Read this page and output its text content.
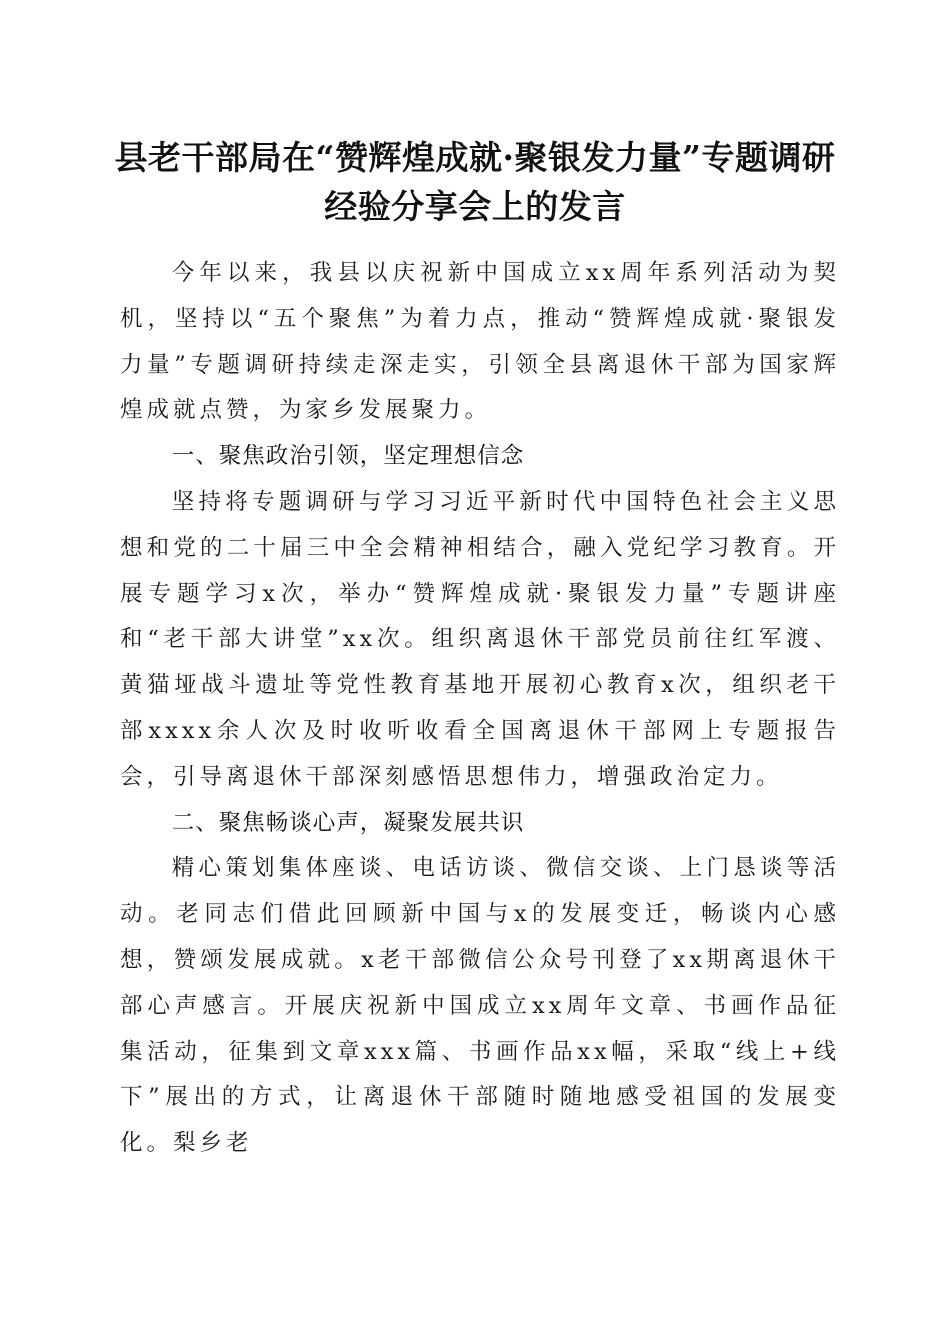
县老干部局在“赞辉煌成就·聚银发力量”专题调研经验分享会上的发言

今年以来，我县以庆祝新中国成立xx周年系列活动为契机，坚持以“五个聚焦”为着力点，推动“赞辉煌成就·聚银发力量”专题调研持续走深走实，引领全县离退休干部为国家辉煌成就点赞，为家乡发展聚力。

一、聚焦政治引领，坚定理想信念

坚持将专题调研与学习习近平新时代中国特色社会主义思想和党的二十届三中全会精神相结合，融入党纪学习教育。开展专题学习x次，举办“赞辉煌成就·聚银发力量”专题讲座和“老干部大讲堂”xx次。组织离退休干部党员前往红军渡、黄猫垭战斗遗址等党性教育基地开展初心教育x次，组织老干部xxxx余人次及时收听收看全国离退休干部网上专题报告会，引导离退休干部深刻感悟思想伟力，增强政治定力。

二、聚焦畅谈心声，凝聚发展共识

精心策划集体座谈、电话访谈、微信交谈、上门恳谈等活动。老同志们借此回顾新中国与x的发展变迁，畅谈内心感想，赞颂发展成就。x老干部微信公众号刊登了xx期离退休干部心声感言。开展庆祝新中国成立xx周年文章、书画作品征集活动，征集到文章xxx篇、书画作品xx幅，采取“线上+线下”展出的方式，让离退休干部随时随地感受祖国的发展变化。梨乡老
